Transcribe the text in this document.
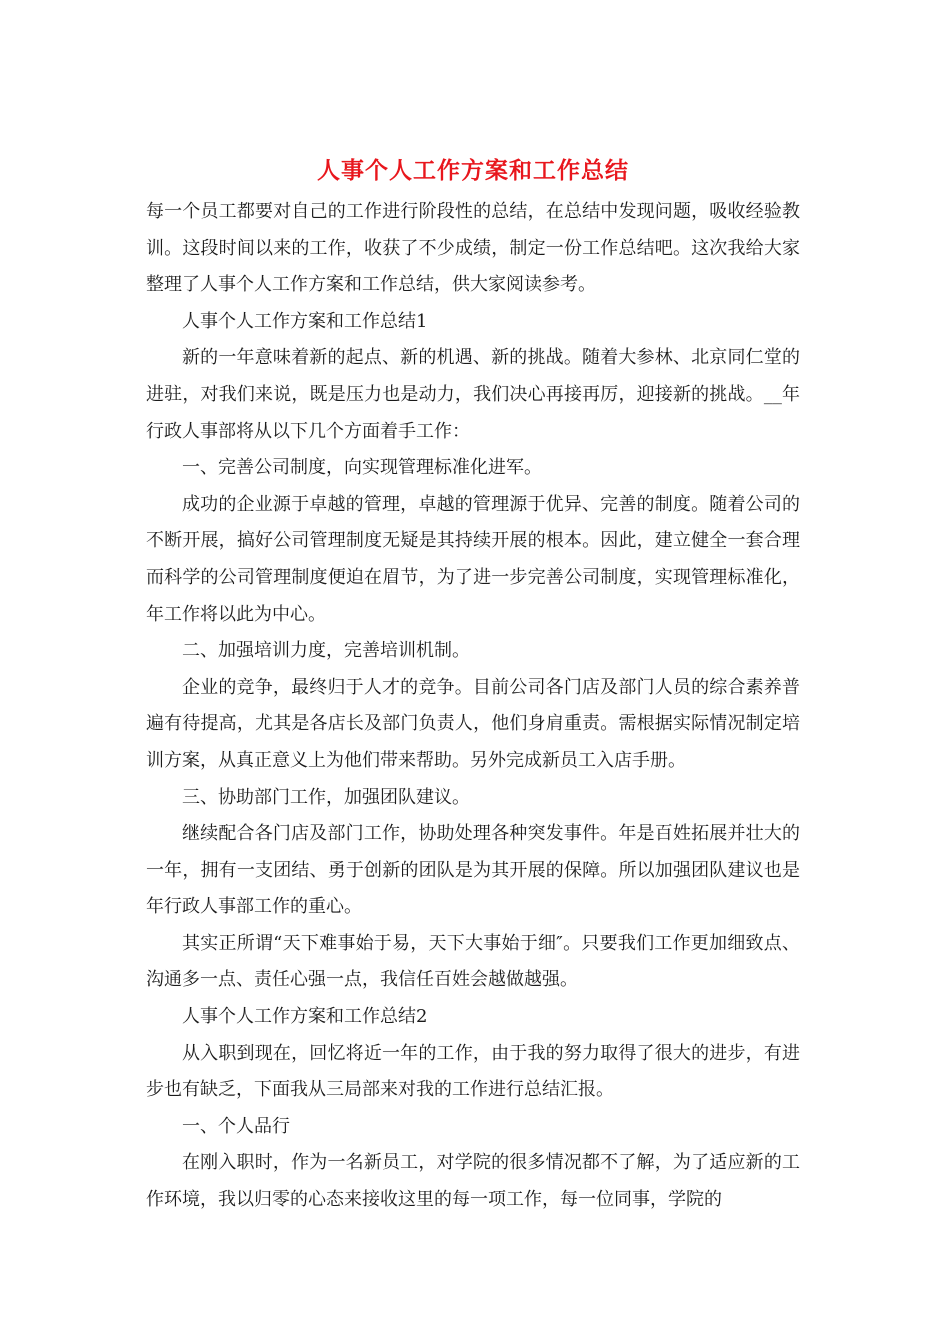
人事个人工作方案和工作总结

每一个员工都要对自己的工作进行阶段性的总结，在总结中发现问题，吸收经验教训。这段时间以来的工作，收获了不少成绩，制定一份工作总结吧。这次我给大家整理了人事个人工作方案和工作总结，供大家阅读参考。

人事个人工作方案和工作总结1

新的一年意味着新的起点、新的机遇、新的挑战。随着大参林、北京同仁堂的进驻，对我们来说，既是压力也是动力，我们决心再接再厉，迎接新的挑战。__年行政人事部将从以下几个方面着手工作：

一、完善公司制度，向实现管理标准化进军。

成功的企业源于卓越的管理，卓越的管理源于优异、完善的制度。随着公司的不断开展，搞好公司管理制度无疑是其持续开展的根本。因此，建立健全一套合理而科学的公司管理制度便迫在眉节，为了进一步完善公司制度，实现管理标准化，年工作将以此为中心。

二、加强培训力度，完善培训机制。

企业的竞争，最终归于人才的竞争。目前公司各门店及部门人员的综合素养普遍有待提高，尤其是各店长及部门负责人，他们身肩重责。需根据实际情况制定培训方案，从真正意义上为他们带来帮助。另外完成新员工入店手册。

三、协助部门工作，加强团队建议。

继续配合各门店及部门工作，协助处理各种突发事件。年是百姓拓展并壮大的一年，拥有一支团结、勇于创新的团队是为其开展的保障。所以加强团队建议也是年行政人事部工作的重心。

其实正所谓“天下难事始于易，天下大事始于细″。只要我们工作更加细致点、沟通多一点、责任心强一点，我信任百姓会越做越强。

人事个人工作方案和工作总结2

从入职到现在，回忆将近一年的工作，由于我的努力取得了很大的进步，有进步也有缺乏，下面我从三局部来对我的工作进行总结汇报。

一、个人品行

在刚入职时，作为一名新员工，对学院的很多情况都不了解，为了适应新的工作环境，我以归零的心态来接收这里的每一项工作，每一位同事，学院的
